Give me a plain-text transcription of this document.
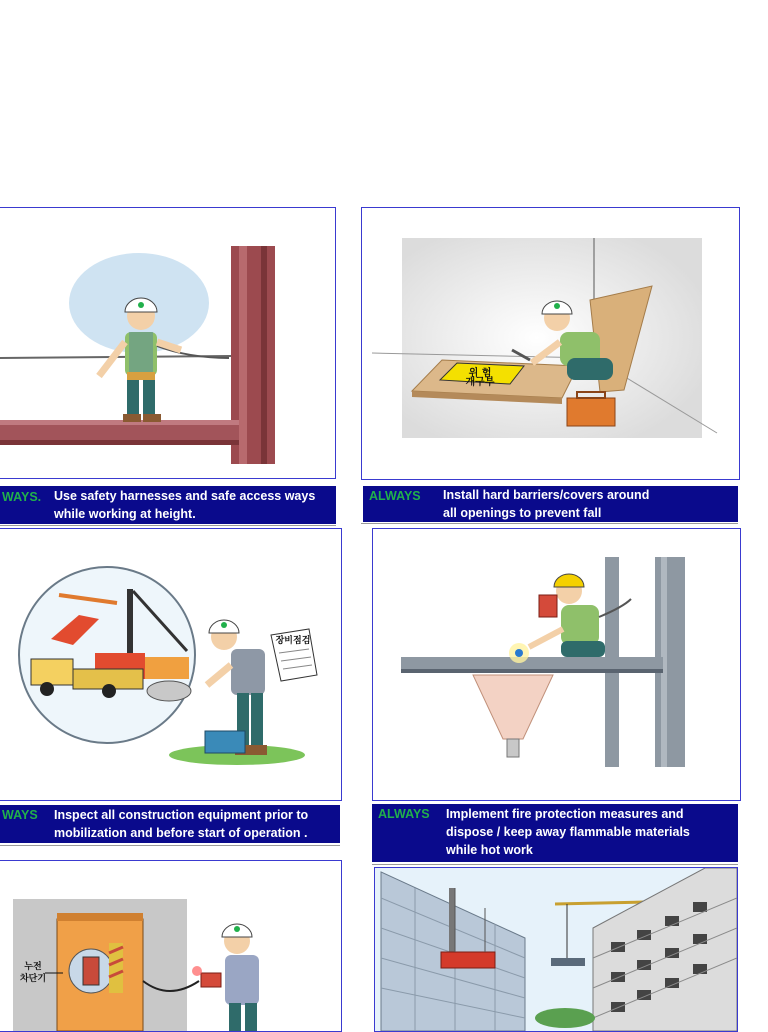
WAYS. Use safety harnesses and safe access ways
while working at height.
위 험 개구부
ALWAYS Install hard barriers/covers around
all openings to prevent fall
장비점검
WAYS Inspect all construction equipment prior to
mobilization and before start of operation .
ALWAYS Implement fire protection measures and
dispose / keep away flammable materials
while hot work
누전 차단기
